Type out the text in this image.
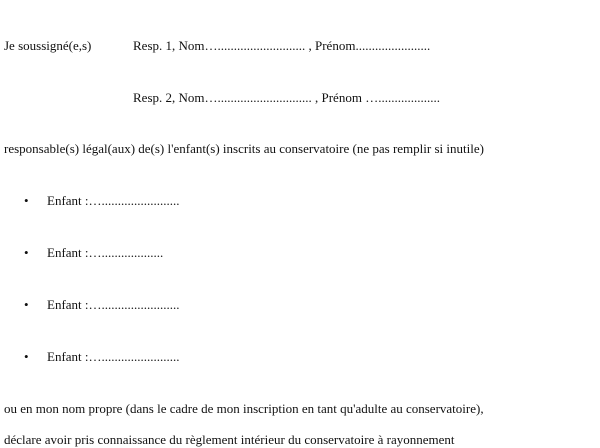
Je soussigné(e,s)	Resp. 1, Nom…........................... , Prénom.......................
Resp. 2, Nom…............................. , Prénom …...................
responsable(s) légal(aux) de(s) l'enfant(s) inscrits au conservatoire (ne pas remplir si inutile)
• Enfant :…........................
• Enfant :…...................
• Enfant :…........................
• Enfant :…........................
ou en mon nom propre (dans le cadre de mon inscription en tant qu'adulte au conservatoire),
déclare avoir pris connaissance du règlement intérieur du conservatoire à rayonnement
